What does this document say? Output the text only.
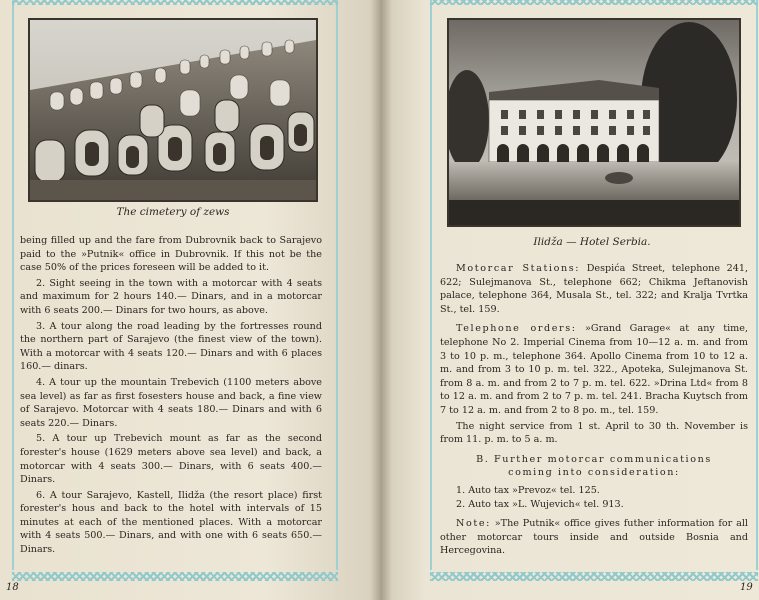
The cimetery of zews

being filled up and the fare from Dubrovnik back to Sarajevo paid to the »Putnik« office in Dubrovnik. If this not be the case 50% of the prices foreseen will be added to it.

2. Sight seeing in the town with a motorcar with 4 seats and maximum for 2 hours 140.— Dinars, and in a motorcar with 6 seats 200.— Dinars for two hours, as above.

3. A tour along the road leading by the fortresses round the northern part of Sarajevo (the finest view of the town). With a motorcar with 4 seats 120.— Dinars and with 6 places 160.— dinars.

4. A tour up the mountain Trebevich (1100 meters above sea level) as far as first fosesters house and back, a fine view of Sarajevo. Motorcar with 4 seats 180.— Dinars and with 6 seats 220.— Dinars.

5. A tour up Trebevich mount as far as the second forester's house (1629 meters above sea level) and back, a motorcar with 4 seats 300.— Dinars, with 6 seats 400.— Dinars.

6. A tour Sarajevo, Kastell, Ilidža (the resort place) first forester's hous and back to the hotel with intervals of 15 minutes at each of the mentioned places. With a motorcar with 4 seats 500.— Dinars, and with one with 6 seats 650.— Dinars.

18
Ilidža — Hotel Serbia.

Motorcar Stations: Despića Street, telephone 241, 622; Sulejmanova St., telephone 662; Chikma Jeftanovish palace, telephone 364, Musala St., tel. 322; and Kralja Tvrtka St., tel. 159.

Telephone orders: »Grand Garage« at any time, telephone No 2. Imperial Cinema from 10—12 a. m. and from 3 to 10 p. m., telephone 364. Apollo Cinema from 10 to 12 a. m. and from 3 to 10 p. m. tel. 322., Apoteka, Sulejmanova St. from 8 a. m. and from 2 to 7 p. m. tel. 622. »Drina Ltd« from 8 to 12 a. m. and from 2 to 7 p. m. tel. 241. Bracha Kuytsch from 7 to 12 a. m. and from 2 to 8 po. m., tel. 159.

The night service from 1 st. April to 30 th. November is from 11. p. m. to 5 a. m.

B. Further motorcar communications
coming into consideration:

1. Auto tax »Prevoz« tel. 125.
2. Auto tax »L. Wujevich« tel. 913.

Note: »The Putnik« office gives futher information for all other motorcar tours inside and outside Bosnia and Hercegovina.

19
